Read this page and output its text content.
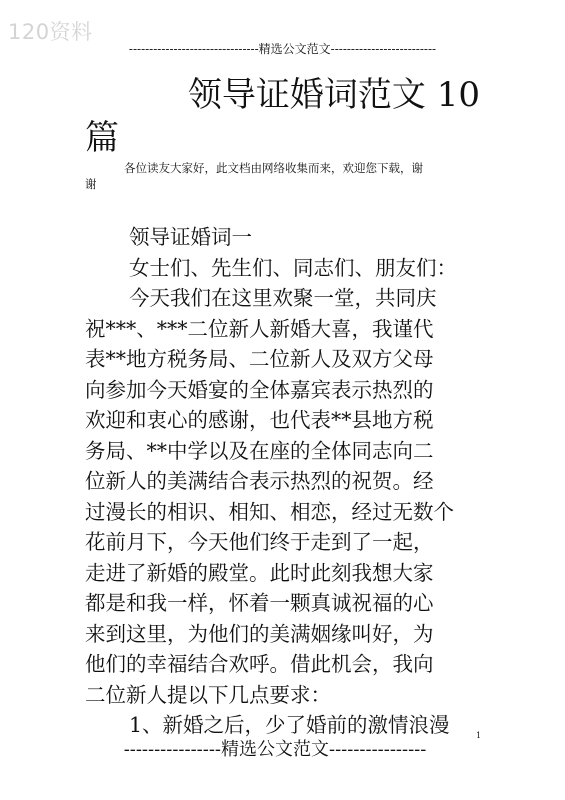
120资料
--------------------------------精选公文范文--------------------------
领导证婚词范文 10
篇
各位读友大家好，此文档由网络收集而来，欢迎您下载，谢
谢

领导证婚词一

女士们、先生们、同志们、朋友们：

今天我们在这里欢聚一堂，共同庆
祝***、***二位新人新婚大喜，我谨代
表**地方税务局、二位新人及双方父母
向参加今天婚宴的全体嘉宾表示热烈的
欢迎和衷心的感谢，也代表**县地方税
务局、**中学以及在座的全体同志向二
位新人的美满结合表示热烈的祝贺。经
过漫长的相识、相知、相恋，经过无数个
花前月下，今天他们终于走到了一起，
走进了新婚的殿堂。此时此刻我想大家
都是和我一样，怀着一颗真诚祝福的心
来到这里，为他们的美满姻缘叫好，为
他们的幸福结合欢呼。借此机会，我向
二位新人提以下几点要求：

1、新婚之后，少了婚前的激情浪漫

----------------精选公文范文----------------
1
